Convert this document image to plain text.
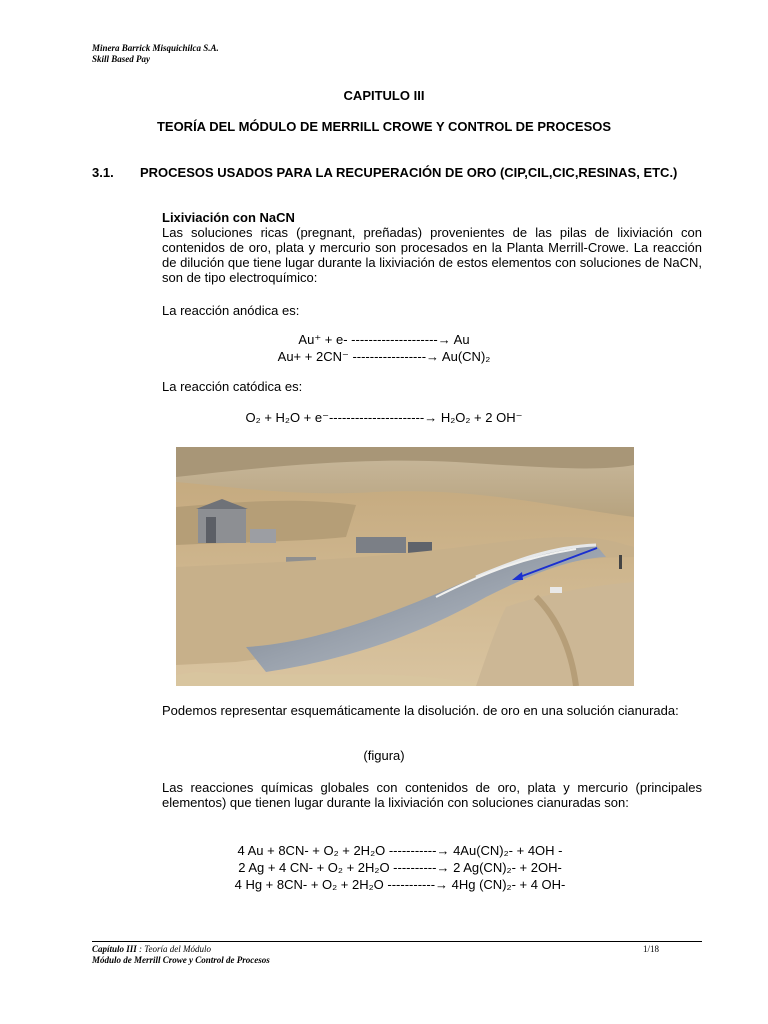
Minera Barrick Misquichilca S.A.
Skill Based Pay
CAPITULO III
TEORÍA DEL MÓDULO DE MERRILL CROWE Y CONTROL DE PROCESOS
3.1. PROCESOS USADOS PARA LA RECUPERACIÓN DE ORO (CIP,CIL,CIC,RESINAS, ETC.)
Lixiviación con NaCN
Las soluciones ricas (pregnant, preñadas) provenientes de las pilas de lixiviación con contenidos de oro, plata y mercurio son procesados en la Planta Merrill-Crowe. La reacción de dilución que tiene lugar durante la lixiviación de estos elementos con soluciones de NaCN, son de tipo electroquímico:
La reacción anódica es:
Au⁺ + e- --------------------→ Au
Au+ + 2CN⁻ -----------------→ Au(CN)₂
La reacción catódica es:
O₂ + H₂O + e⁻----------------------→ H₂O₂ + 2 OH⁻
Podemos representar esquemáticamente la disolución. de oro en una solución cianurada:
(figura)
Las reacciones químicas globales con contenidos de oro, plata y mercurio (principales elementos) que tienen lugar durante la lixiviación con soluciones cianuradas son:
4 Au + 8CN- + O₂ + 2H₂O -----------→ 4Au(CN)₂- + 4OH -
2 Ag + 4 CN- + O₂ + 2H₂O ----------→ 2 Ag(CN)₂- + 2OH-
4 Hg + 8CN- + O₂ + 2H₂O -----------→ 4Hg (CN)₂- + 4 OH-
Capítulo III : Teoría del Módulo
Módulo de Merrill Crowe y Control de Procesos
1/18
